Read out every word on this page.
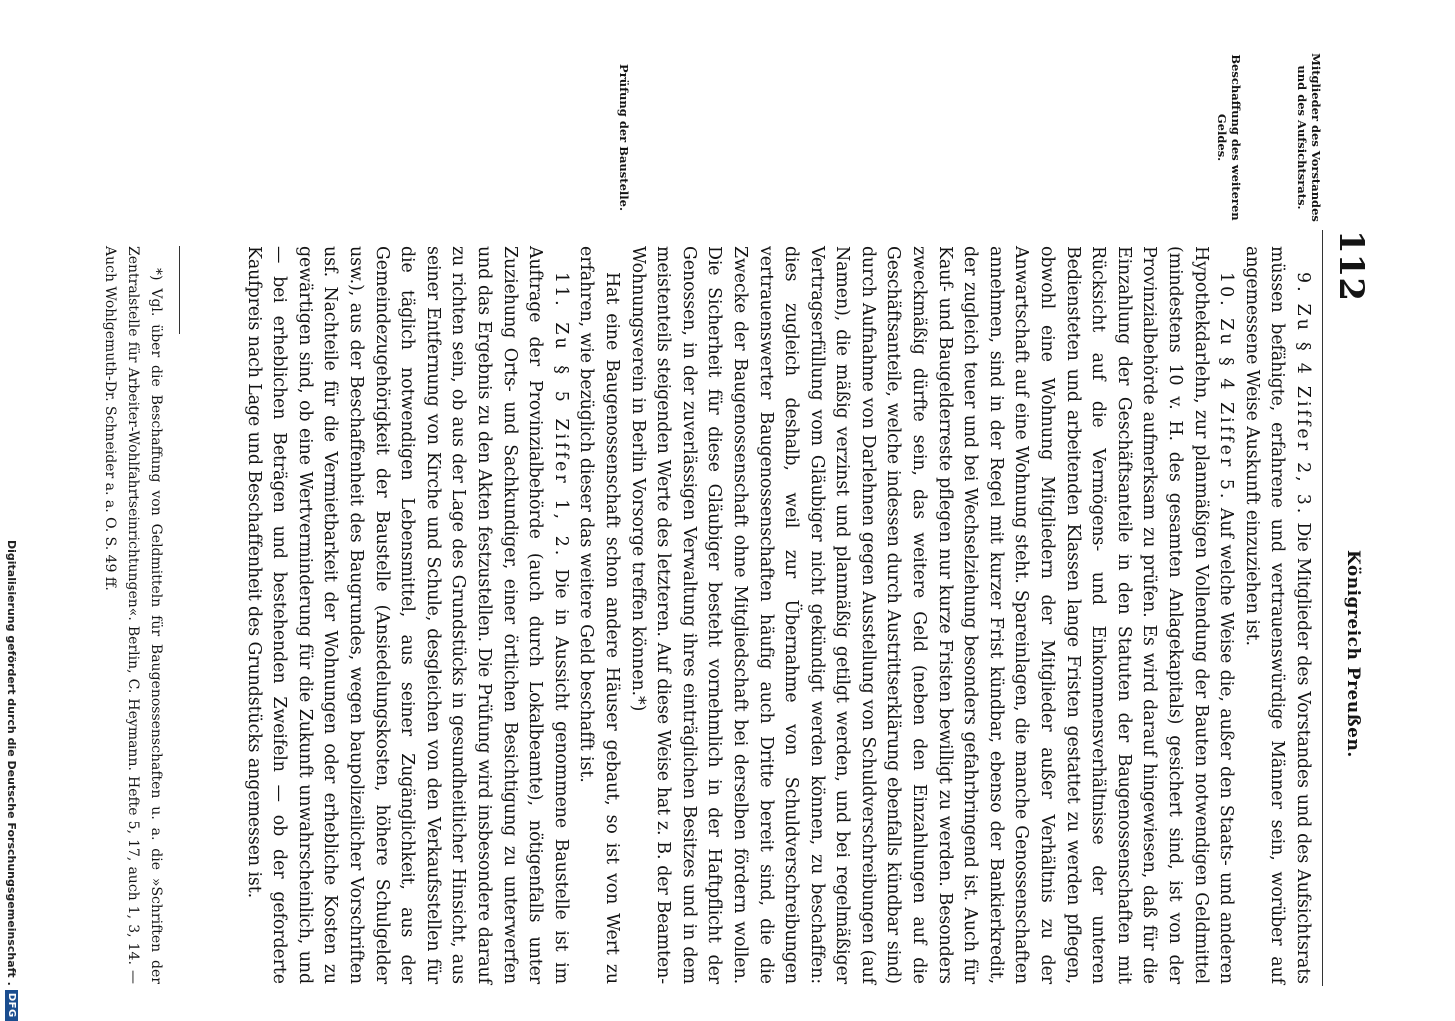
112
Königreich Preußen.
Mitglieder des Vorstandes und des Aufsichtsrats.
Beschaffung des weiteren Geldes.
Prüfung der Baustelle.

9. Zu § 4 Ziffer 2, 3. Die Mitglieder des Vorstandes und des Aufsichtsrats müssen befähigte, erfahrene und vertrauenswürdige Männer sein, worüber auf angemessene Weise Auskunft einzuziehen ist.

10. Zu § 4 Ziffer 5. Auf welche Weise die, außer den Staats- und anderen Hypothekdarlehn, zur planmäßigen Vollendung der Bauten notwendigen Geldmittel (mindestens 10 v. H. des gesamten Anlagekapitals) gesichert sind, ist von der Provinzialbehörde aufmerksam zu prüfen. Es wird darauf hingewiesen, daß für die Einzahlung der Geschäftsanteile in den Statuten der Baugenossenschaften mit Rücksicht auf die Vermögens- und Einkommensverhältnisse der unteren Bediensteten und arbeitenden Klassen lange Fristen gestattet zu werden pflegen, obwohl eine Wohnung Mitgliedern der Mitglieder außer Verhältnis zu der Anwartschaft auf eine Wohnung steht. Spareinlagen, die manche Genossenschaften annehmen, sind in der Regel mit kurzer Frist kündbar, ebenso der Bankierkredit, der zugleich teuer und bei Wechselziehung besonders gefahrbringend ist. Auch für Kauf- und Baugelderreste pflegen nur kurze Fristen bewilligt zu werden. Besonders zweckmäßig dürfte sein, das weitere Geld (neben den Einzahlungen auf die Geschäftsanteile, welche indessen durch Austrittserklärung ebenfalls kündbar sind) durch Aufnahme von Darlehnen gegen Ausstellung von Schuldverschreibungen (auf Namen), die mäßig verzinst und planmäßig getilgt werden, und bei regelmäßiger Vertragserfüllung vom Gläubiger nicht gekündigt werden können, zu beschaffen: dies zugleich deshalb, weil zur Übernahme von Schuldverschreibungen vertrauenswerter Baugenossenschaften häufig auch Dritte bereit sind, die die Zwecke der Baugenossenschaft ohne Mitgliedschaft bei derselben fördern wollen. Die Sicherheit für diese Gläubiger besteht vornehmlich in der Haftpflicht der Genossen, in der zuverlässigen Verwaltung ihres einträglichen Besitzes und in dem meistenteils steigenden Werte des letzteren. Auf diese Weise hat z. B. der Beamten-Wohnungsverein in Berlin Vorsorge treffen können.*)

Hat eine Baugenossenschaft schon andere Häuser gebaut, so ist von Wert zu erfahren, wie bezüglich dieser das weitere Geld beschafft ist.

11. Zu § 5 Ziffer 1, 2. Die in Aussicht genommene Baustelle ist im Auftrage der Provinzialbehörde (auch durch Lokalbeamte), nötigenfalls unter Zuziehung Orts- und Sachkundiger, einer örtlichen Besichtigung zu unterwerfen und das Ergebnis zu den Akten festzustellen. Die Prüfung wird insbesondere darauf zu richten sein, ob aus der Lage des Grundstücks in gesundheitlicher Hinsicht, aus seiner Entfernung von Kirche und Schule, desgleichen von den Verkaufsstellen für die täglich notwendigen Lebensmittel, aus seiner Zugänglichkeit, aus der Gemeindezugehörigkeit der Baustelle (Ansiedelungskosten, höhere Schulgelder usw.), aus der Beschaffenheit des Baugrundes, wegen baupolizeilicher Vorschriften usf. Nachteile für die Vermietbarkeit der Wohnungen oder erhebliche Kosten zu gewärtigen sind, ob eine Wertverminderung für die Zukunft unwahrscheinlich, und — bei erheblichen Beträgen und bestehenden Zweifeln — ob der geforderte Kaufpreis nach Lage und Beschaffenheit des Grundstücks angemessen ist.

*) Vgl. über die Beschaffung von Geldmitteln für Baugenossenschaften u. a. die »Schriften der Zentralstelle für Arbeiter-Wohlfahrtseinrichtungen«. Berlin, C. Heymann. Hefte 5, 17, auch 1, 3, 14. — Auch Wohlgemuth-Dr. Schneider a. a. O. S. 49 ff.

Digitalisierung gefördert durch die Deutsche Forschungsgemeinschaft
.
DFG
